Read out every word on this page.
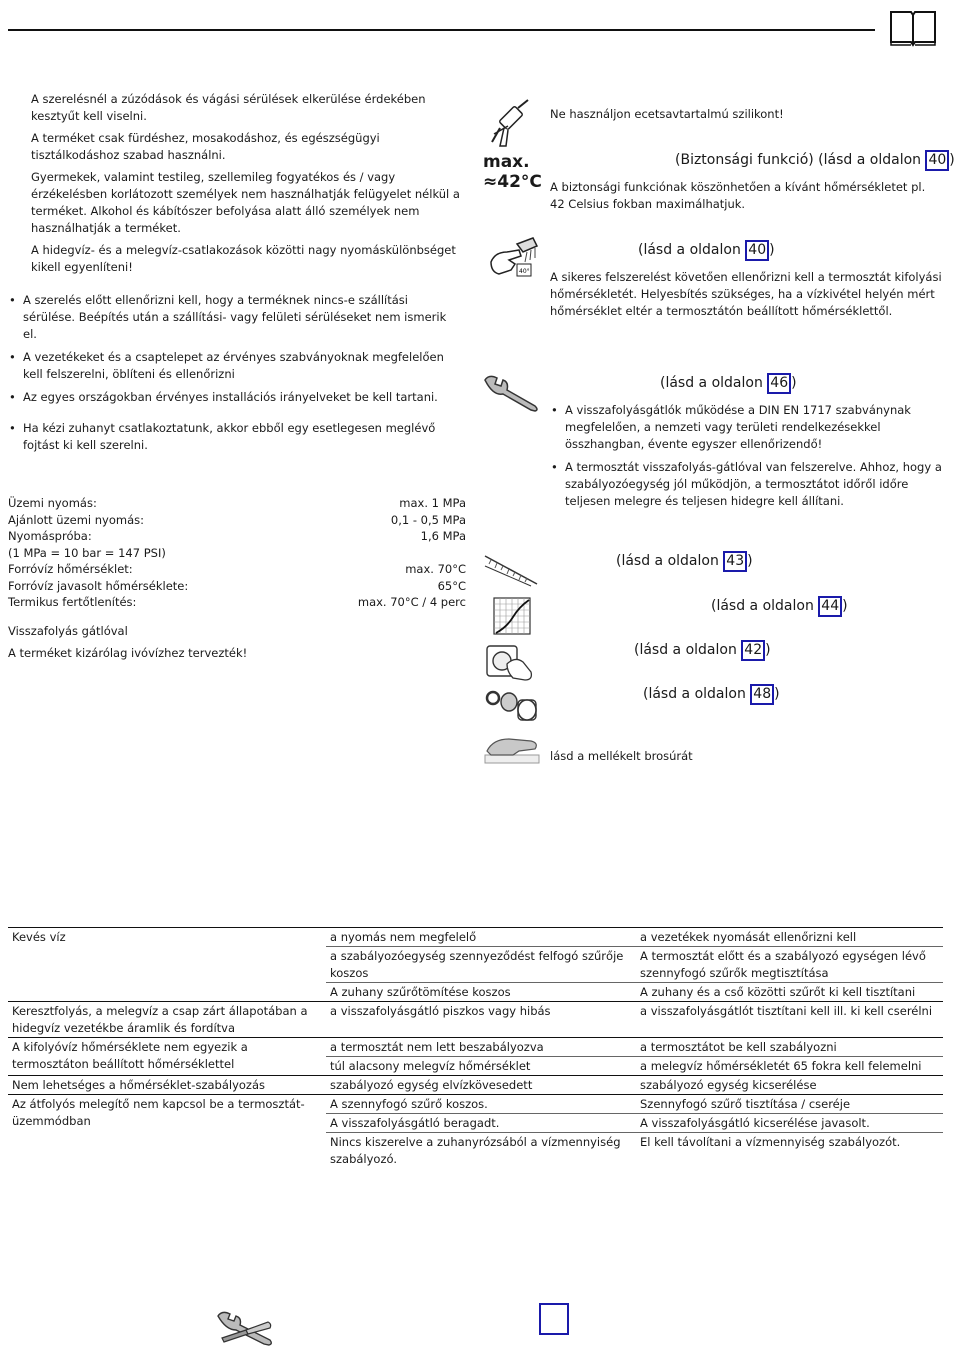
A szerelésnél a zúzódások és vágási sérülések elkerülése érdekében kesztyűt kell viselni.

A terméket csak fürdéshez, mosakodáshoz, és egészségügyi tisztálkodáshoz szabad használni.

Gyermekek, valamint testileg, szellemileg fogyatékos és / vagy érzékelésben korlátozott személyek nem használhatják felügyelet nélkül a terméket. Alkohol és kábítószer befolyása alatt álló személyek nem használhatják a terméket.

A hidegvíz- és a melegvíz-csatlakozások közötti nagy nyomáskülönbséget kikell egyenlíteni!

• A szerelés előtt ellenőrizni kell, hogy a terméknek nincs-e szállítási sérülése. Beépítés után a szállítási- vagy felületi sérüléseket nem ismerik el.
• A vezetékeket és a csaptelepet az érvényes szabványoknak megfelelően kell felszerelni, öblíteni és ellenőrizni
• Az egyes országokban érvényes installációs irányelveket be kell tartani.
• Ha kézi zuhanyt csatlakoztatunk, akkor ebből egy esetlegesen meglévő fojtást ki kell szerelni.
Üzemi nyomás:	max. 1 MPa
Ajánlott üzemi nyomás:	0,1 - 0,5 MPa
Nyomáspróba:	1,6 MPa
(1 MPa = 10 bar = 147 PSI)
Forróvíz hőmérséklet:	max. 70°C
Forróvíz javasolt hőmérséklete:	65°C
Termikus fertőtlenítés:	max. 70°C / 4 perc

Visszafolyás gátlóval

A terméket kizárólag ivóvízhez tervezték!

Ne használjon ecetsavtartalmú szilikont!

max.
≈42°C
(Biztonsági funkció) (lásd a oldalon 40 )

A biztonsági funkciónak köszönhetően a kívánt hőmérsékletet pl. 42 Celsius fokban maximálhatjuk.

40°
(lásd a oldalon 40 )

A sikeres felszerelést követően ellenőrizni kell a termosztát kifolyási hőmérsékletét. Helyesbítés szükséges, ha a vízkivétel helyén mért hőmérséklet eltér a termosztátón beállított hőmérséklettől.

(lásd a oldalon 46 )
• A visszafolyásgátlók működése a DIN EN 1717 szabványnak megfelelően, a nemzeti vagy területi rendelkezésekkel összhangban, évente egyszer ellenőrizendő!
• A termosztát visszafolyás-gátlóval van felszerelve. Ahhoz, hogy a szabályozóegység jól működjön, a termosztátot időről időre teljesen melegre és teljesen hidegre kell állítani.
(lásd a oldalon 43 )
(lásd a oldalon 44 )
(lásd a oldalon 42 )
(lásd a oldalon 48 )

lásd a mellékelt brosúrát

Kevés víz	a nyomás nem megfelelő	a vezetékek nyomását ellenőrizni kell
	a szabályozóegység szennyeződést felfogó szűrője koszos	A termosztát előtt és a szabályozó egységen lévő szennyfogó szűrők megtisztítása
	A zuhany szűrőtömítése koszos	A zuhany és a cső közötti szűrőt ki kell tisztítani
Keresztfolyás, a melegvíz a csap zárt állapotában a hidegvíz vezetékbe áramlik és fordítva	a visszafolyásgátló piszkos vagy hibás	a visszafolyásgátlót tisztítani kell ill. ki kell cserélni
A kifolyóvíz hőmérséklete nem egyezik a termosztáton beállított hőmérséklettel	a termosztát nem lett beszabályozva	a termosztátot be kell szabályozni
	túl alacsony melegvíz hőmérséklet	a melegvíz hőmérsékletét 65 fokra kell felemelni
Nem lehetséges a hőmérséklet-szabályozás	szabályozó egység elvízkövesedett	szabályozó egység kicserélése
Az átfolyós melegítő nem kapcsol be a termosztát-üzemmódban	A szennyfogó szűrő koszos.	Szennyfogó szűrő tisztítása / cseréje
	A visszafolyásgátló beragadt.	A visszafolyásgátló kicserélése javasolt.
	Nincs kiszerelve a zuhanyrózsából a vízmennyiség szabályozó.	El kell távolítani a vízmennyiség szabályozót.
